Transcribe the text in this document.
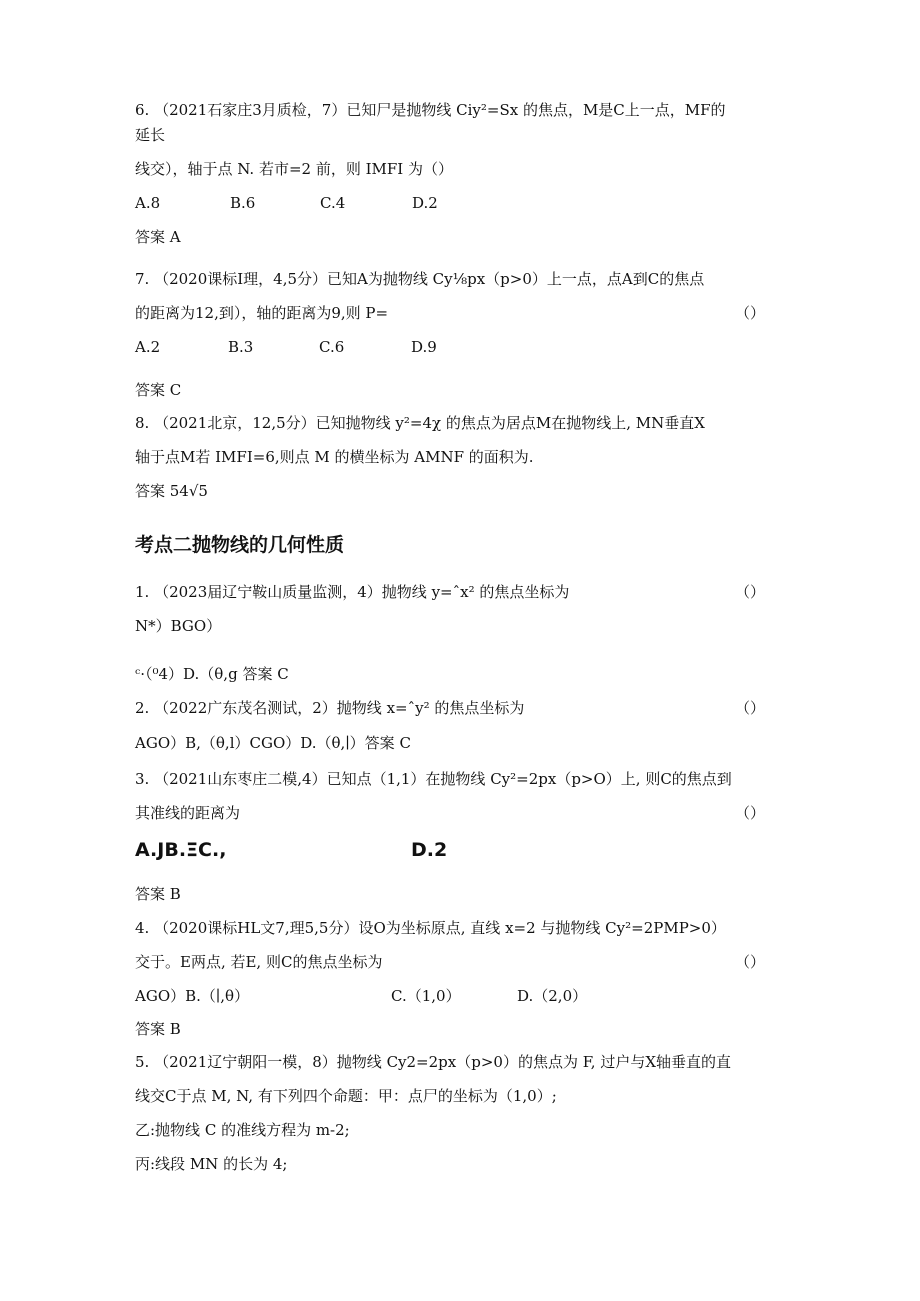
6. （2021石家庄3月质检，7）已知尸是抛物线 Ciy²=Sx 的焦点，M是C上一点，MF的
延长
线交），轴于点 N. 若市=2 前，则 IMFI 为（）
A.8	B.6	C.4	D.2
答案 A
7. （2020课标I理，4,5分）已知A为抛物线 Cy⅛px（p>0）上一点，点A到C的焦点
的距离为12,到），轴的距离为9,则 P=	（）
A.2	B.3	C.6	D.9
答案 C
8. （2021北京，12,5分）已知抛物线 y²=4χ 的焦点为居点M在抛物线上, MN垂直X
轴于点M若 IMFI=6,则点 M 的横坐标为 AMNF 的面积为.
答案 54√5
考点二抛物线的几何性质
1. （2023届辽宁鞍山质量监测，4）抛物线 y=ˆx² 的焦点坐标为	（）
N*）BGO）
ᶜ·（⁰4）D.（θ,g 答案 C
2. （2022广东茂名测试，2）抛物线 x=ˆy² 的焦点坐标为	（）
AGO）B,（θ,l）CGO）D.（θ,∣）答案 C
3. （2021山东枣庄二模,4）已知点（1,1）在抛物线 Cy²=2px（p>O）上, 则C的焦点到
其准线的距离为	（）
A.JB.ΞC.,	D.2
答案 B
4. （2020课标HL文7,理5,5分）设O为坐标原点, 直线 x=2 与抛物线 Cy²=2PMP>0）
交于。E两点, 若E, 则C的焦点坐标为	（）
AGO）B.（∣,θ）	C.（1,0）	D.（2,0）
答案 B
5. （2021辽宁朝阳一模，8）抛物线 Cy2=2px（p>0）的焦点为 F, 过户与X轴垂直的直
线交C于点 M, N, 有下列四个命题：甲：点尸的坐标为（1,0）;
乙:抛物线 C 的准线方程为 m-2;
丙:线段 MN 的长为 4;
